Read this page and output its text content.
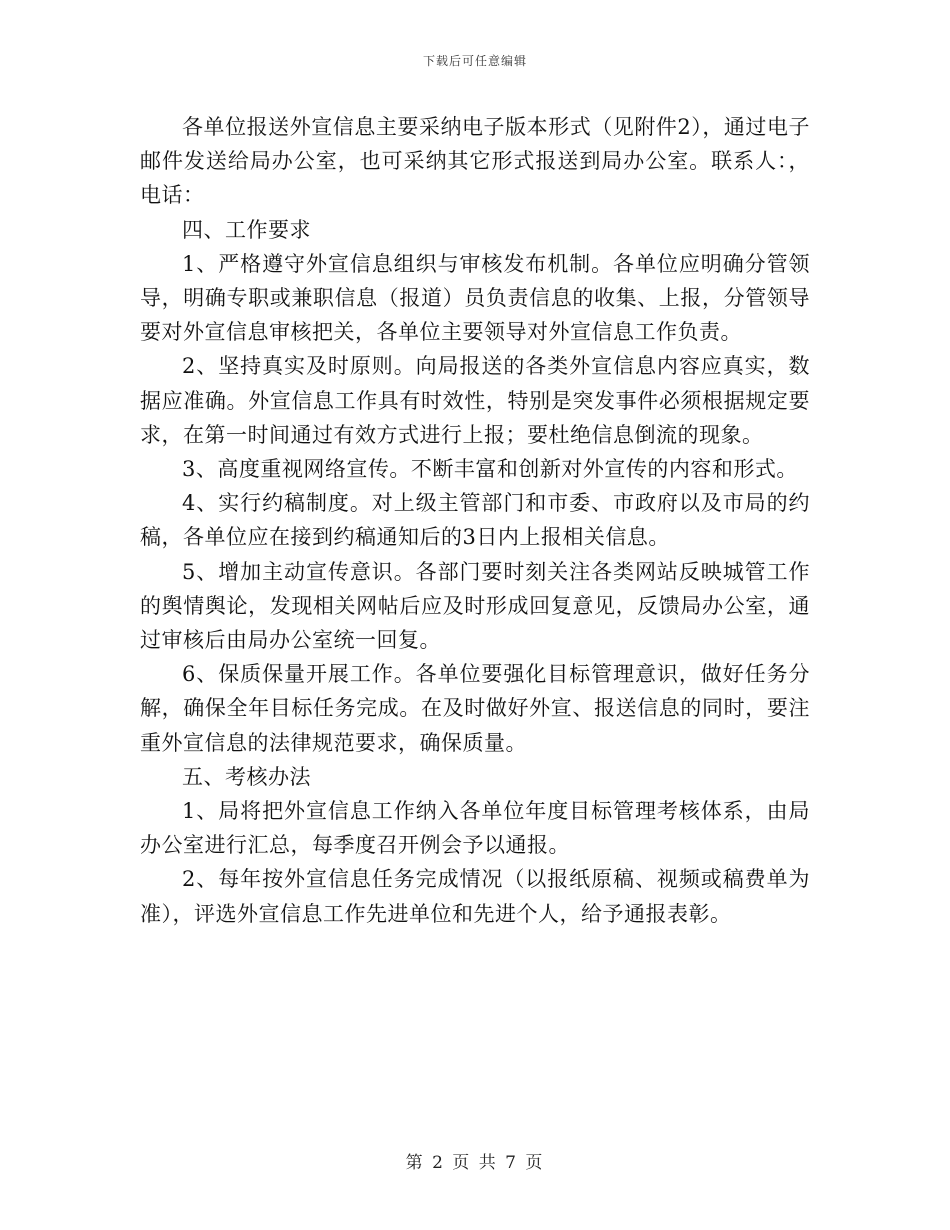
下载后可任意编辑

各单位报送外宣信息主要采纳电子版本形式（见附件2），通过电子邮件发送给局办公室，也可采纳其它形式报送到局办公室。联系人：，电话：

四、工作要求

1、严格遵守外宣信息组织与审核发布机制。各单位应明确分管领导，明确专职或兼职信息（报道）员负责信息的收集、上报，分管领导要对外宣信息审核把关，各单位主要领导对外宣信息工作负责。

2、坚持真实及时原则。向局报送的各类外宣信息内容应真实，数据应准确。外宣信息工作具有时效性，特别是突发事件必须根据规定要求，在第一时间通过有效方式进行上报；要杜绝信息倒流的现象。

3、高度重视网络宣传。不断丰富和创新对外宣传的内容和形式。

4、实行约稿制度。对上级主管部门和市委、市政府以及市局的约稿，各单位应在接到约稿通知后的3日内上报相关信息。

5、增加主动宣传意识。各部门要时刻关注各类网站反映城管工作的舆情舆论，发现相关网帖后应及时形成回复意见，反馈局办公室，通过审核后由局办公室统一回复。

6、保质保量开展工作。各单位要强化目标管理意识，做好任务分解，确保全年目标任务完成。在及时做好外宣、报送信息的同时，要注重外宣信息的法律规范要求，确保质量。

五、考核办法

1、局将把外宣信息工作纳入各单位年度目标管理考核体系，由局办公室进行汇总，每季度召开例会予以通报。

2、每年按外宣信息任务完成情况（以报纸原稿、视频或稿费单为准），评选外宣信息工作先进单位和先进个人，给予通报表彰。

第 2 页 共 7 页
